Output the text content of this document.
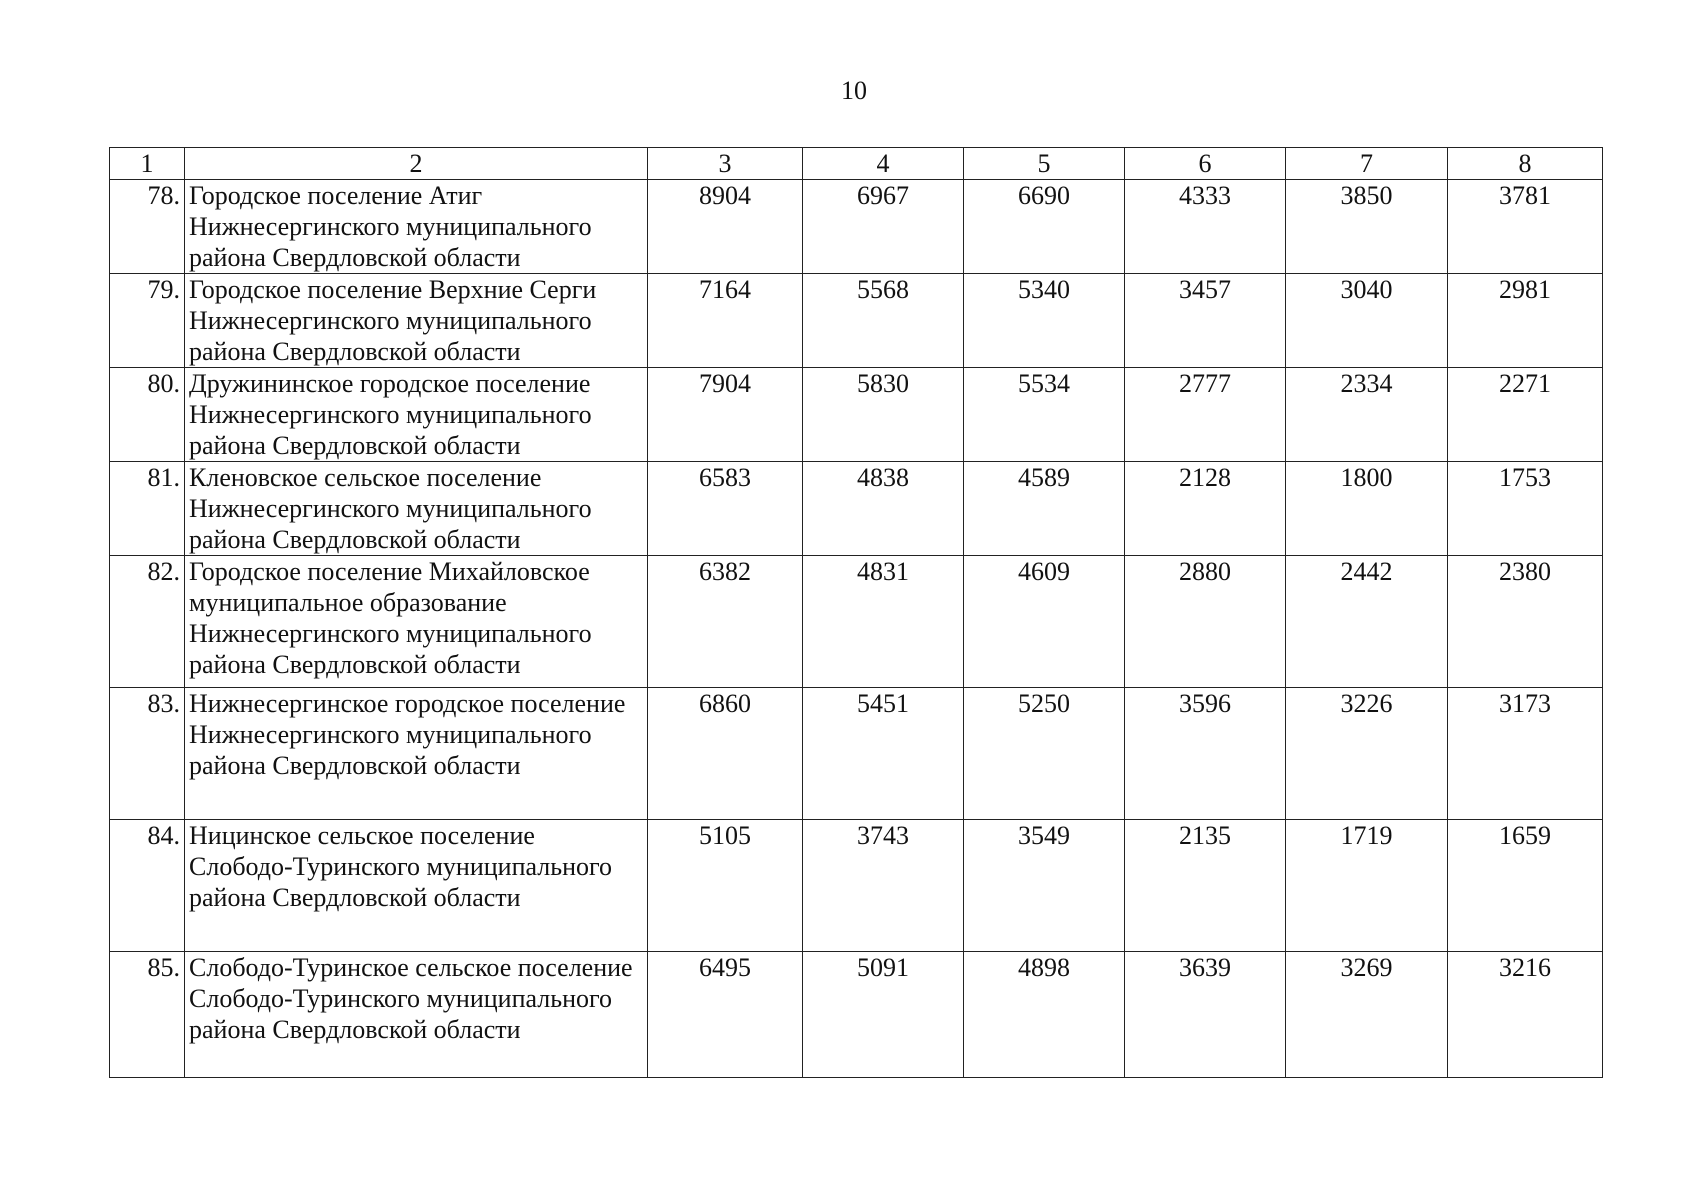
10
1	2	3	4	5	6	7	8
78.	Городское поселение Атиг Нижнесергинского муниципального района Свердловской области	8904	6967	6690	4333	3850	3781
79.	Городское поселение Верхние Серги Нижнесергинского муниципального района Свердловской области	7164	5568	5340	3457	3040	2981
80.	Дружининское городское поселение Нижнесергинского муниципального района Свердловской области	7904	5830	5534	2777	2334	2271
81.	Кленовское сельское поселение Нижнесергинского муниципального района Свердловской области	6583	4838	4589	2128	1800	1753
82.	Городское поселение Михайловское муниципальное образование Нижнесергинского муниципального района Свердловской области	6382	4831	4609	2880	2442	2380
83.	Нижнесергинское городское поселение Нижнесергинского муниципального района Свердловской области	6860	5451	5250	3596	3226	3173
84.	Ницинское сельское поселение Слободо-Туринского муниципального района Свердловской области	5105	3743	3549	2135	1719	1659
85.	Слободо-Туринское сельское поселение Слободо-Туринского муниципального района Свердловской области	6495	5091	4898	3639	3269	3216
